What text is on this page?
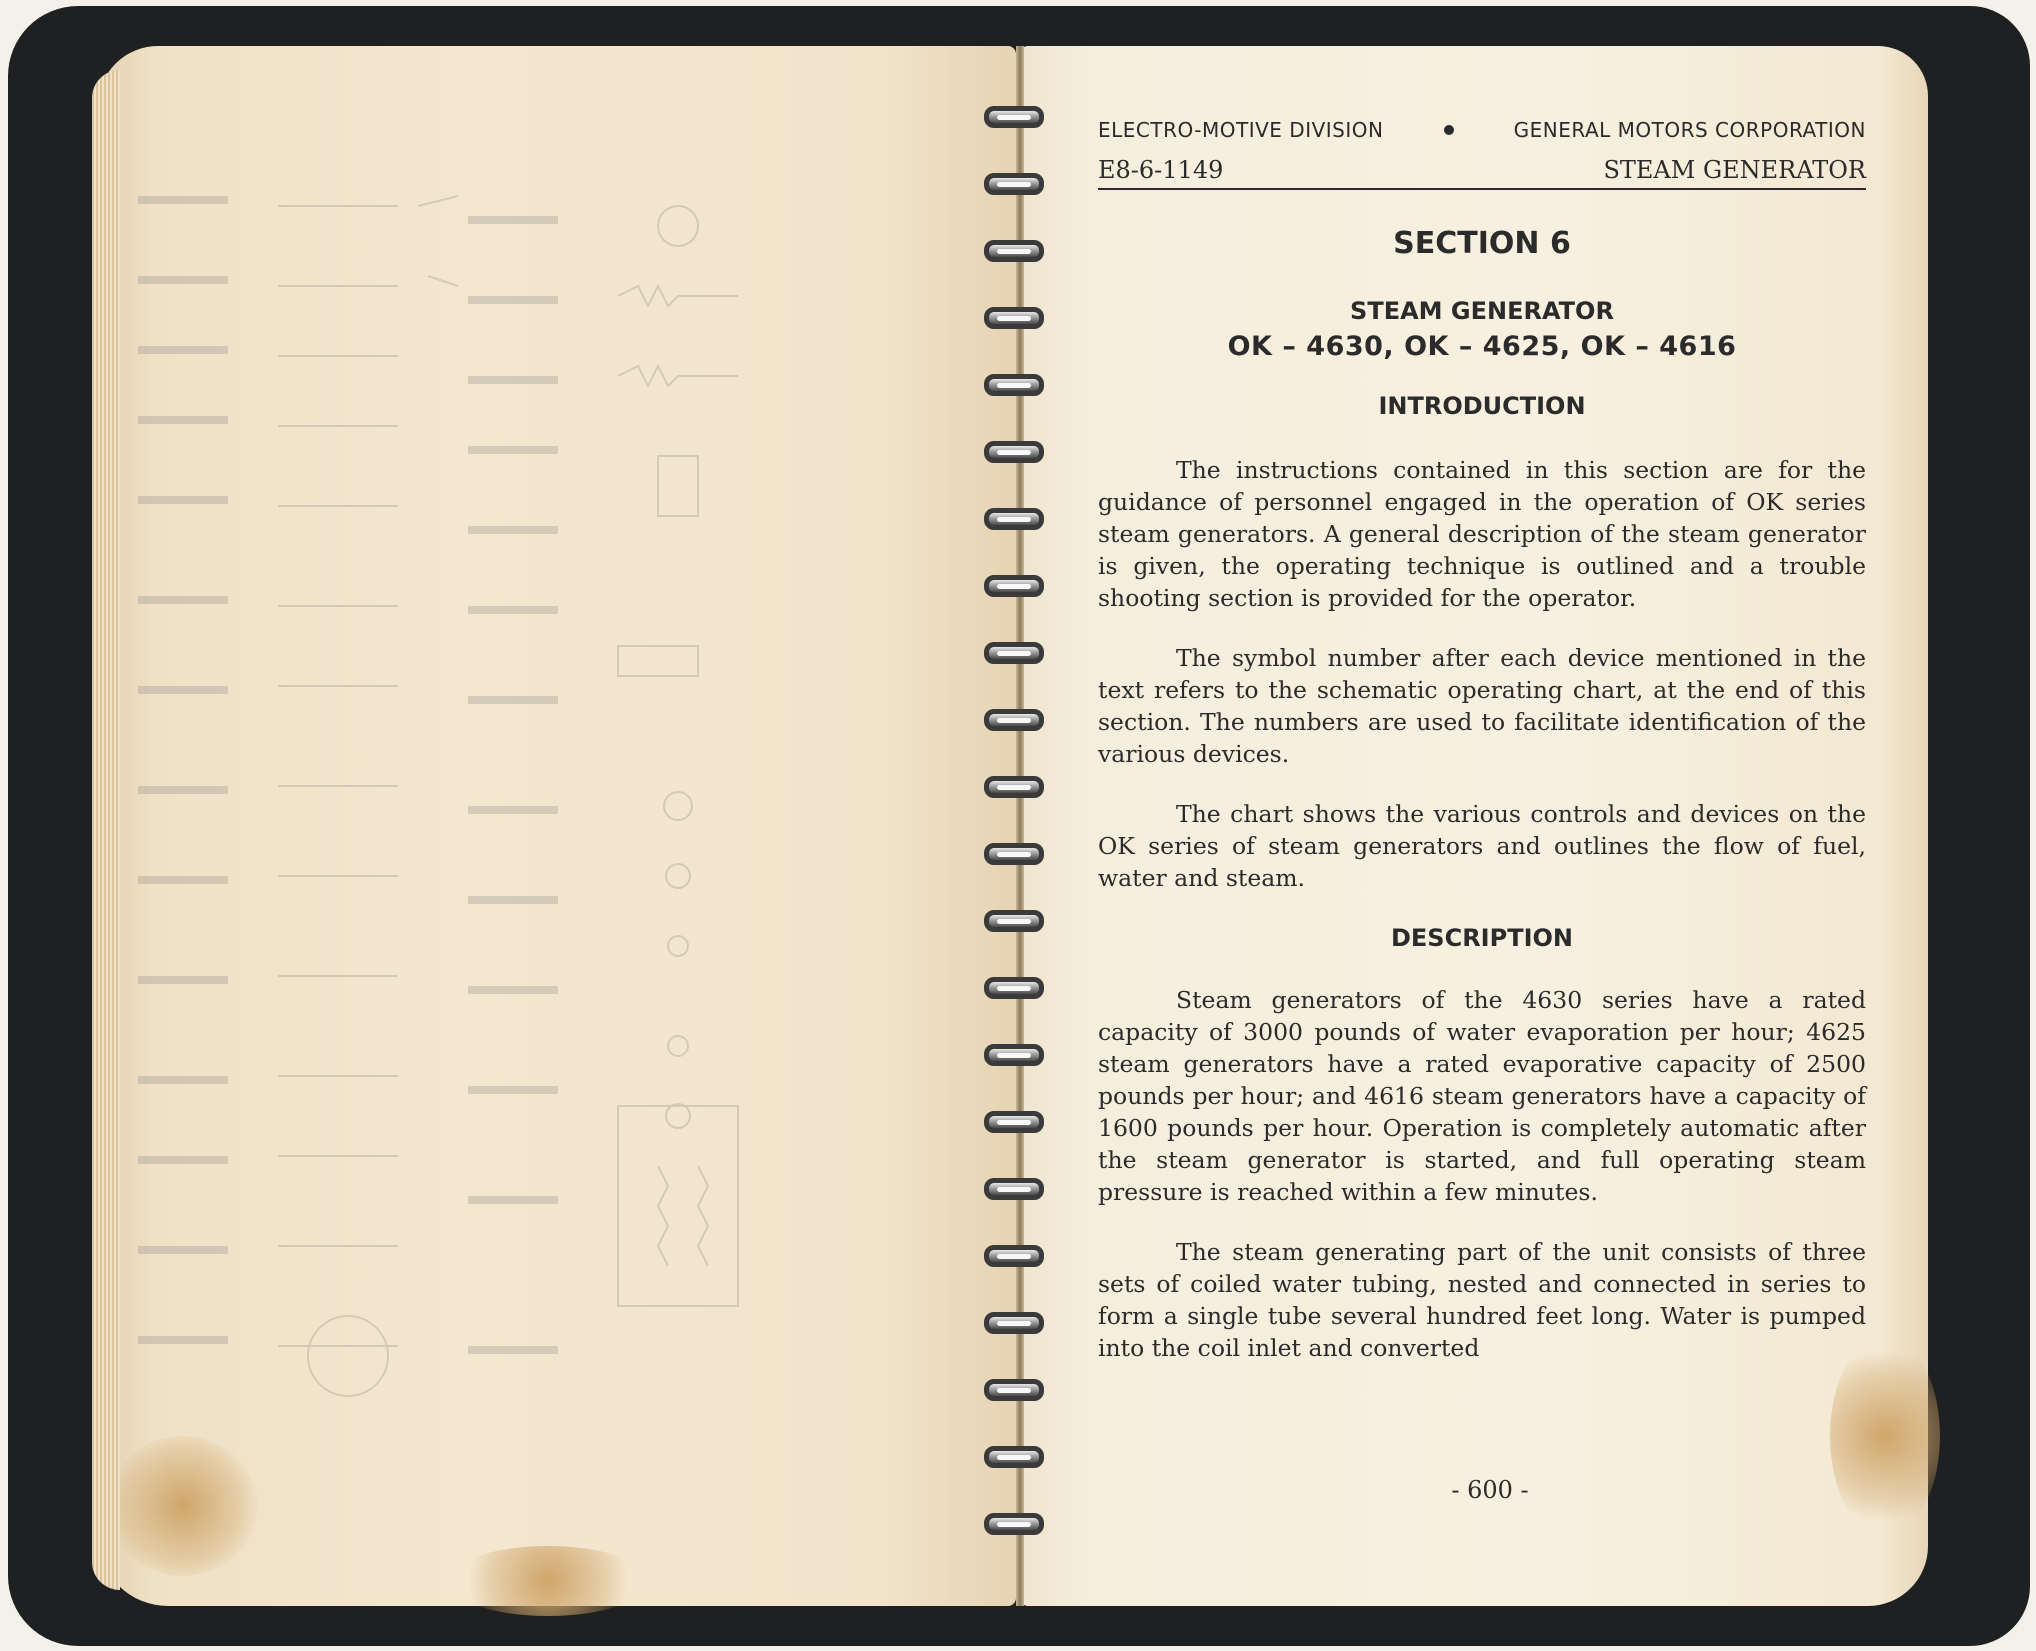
ELECTRO-MOTIVE DIVISION	GENERAL MOTORS CORPORATION
E8-6-1149	STEAM GENERATOR
SECTION 6
STEAM GENERATOR
OK – 4630, OK – 4625, OK – 4616
INTRODUCTION

The instructions contained in this section are for the guidance of personnel engaged in the operation of OK series steam generators. A general description of the steam generator is given, the operating technique is outlined and a trouble shooting section is provided for the operator.

The symbol number after each device mentioned in the text refers to the schematic operating chart, at the end of this section. The numbers are used to facilitate identification of the various devices.

The chart shows the various controls and devices on the OK series of steam generators and outlines the flow of fuel, water and steam.

DESCRIPTION

Steam generators of the 4630 series have a rated capacity of 3000 pounds of water evaporation per hour; 4625 steam generators have a rated evaporative capacity of 2500 pounds per hour; and 4616 steam generators have a capacity of 1600 pounds per hour. Operation is completely automatic after the steam generator is started, and full operating steam pressure is reached within a few minutes.

The steam generating part of the unit consists of three sets of coiled water tubing, nested and connected in series to form a single tube several hundred feet long. Water is pumped into the coil inlet and converted

- 600 -
